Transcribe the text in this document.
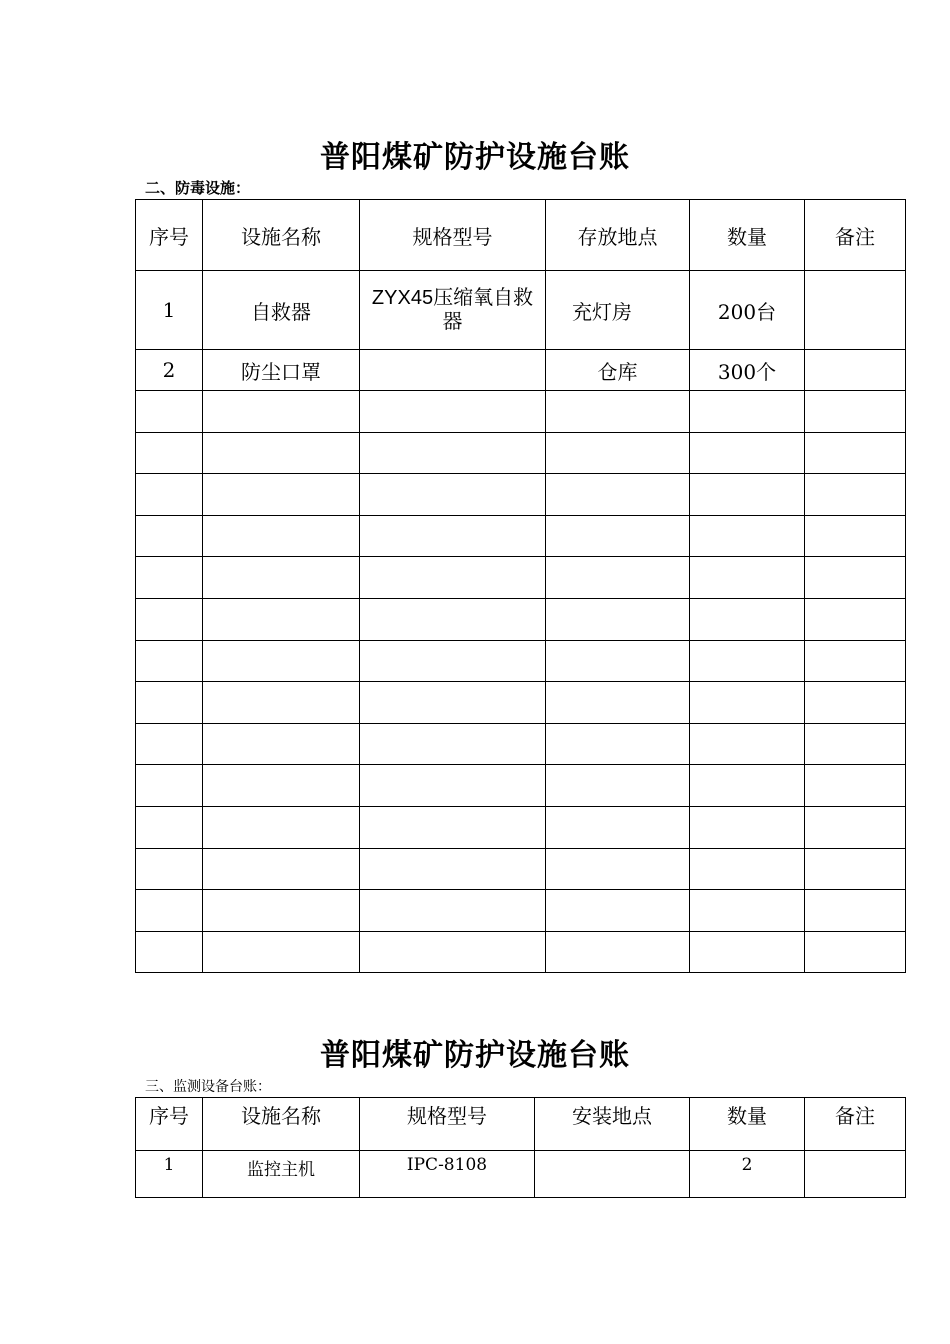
普阳煤矿防护设施台账
二、防毒设施：
序号	设施名称	规格型号	存放地点	数量	备注
1	自救器	ZYX45压缩氧自救器	充灯房	200台	
2	防尘口罩		仓库	300个	

普阳煤矿防护设施台账
三、监测设备台账：
序号	设施名称	规格型号	安装地点	数量	备注
1	监控主机	IPC-8108		2	
